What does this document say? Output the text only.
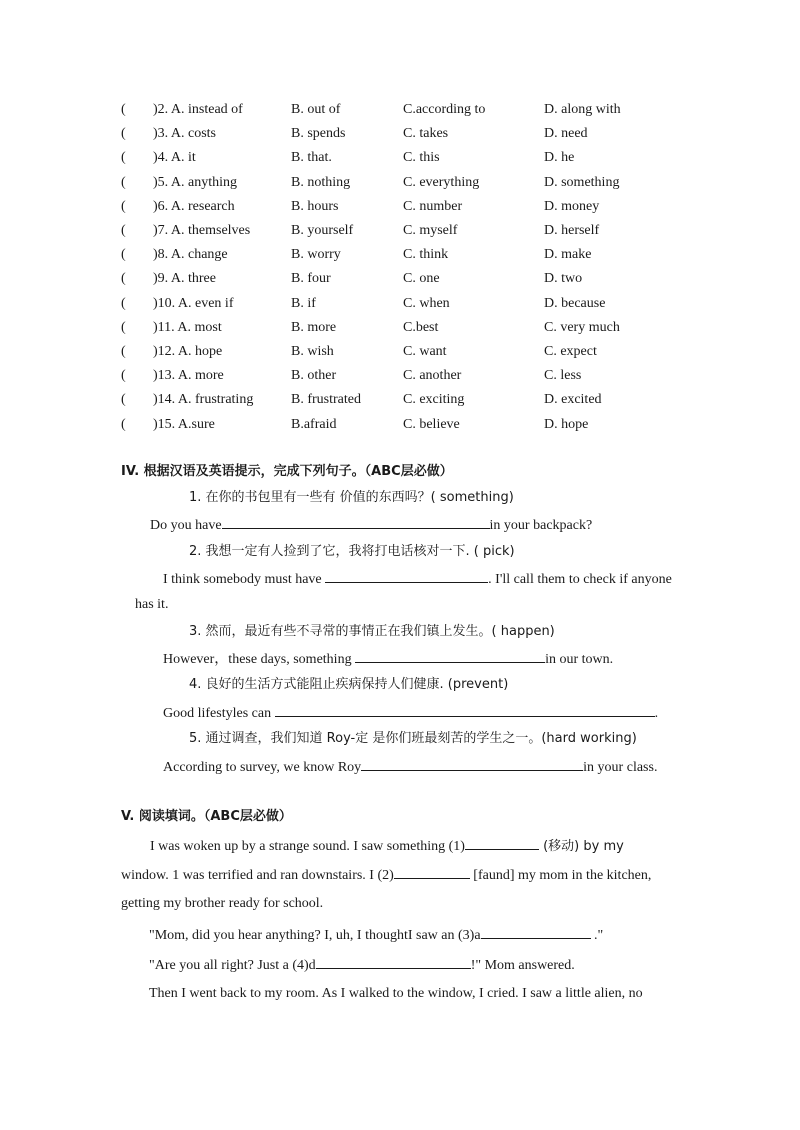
( )2. A. instead of	B. out of	C.according to	D. along with
( )3. A. costs	B. spends	C. takes	D. need
( )4. A. it	B. that.	C. this	D. he
( )5. A. anything	B. nothing	C. everything	D. something
( )6. A. research	B. hours	C. number	D. money
( )7. A. themselves	B. yourself	C. myself	D. herself
( )8. A. change	B. worry	C. think	D. make
( )9. A. three	B. four	C. one	D. two
( )10. A. even if	B. if	C. when	D. because
( )11. A. most	B. more	C.best	C. very much
( )12. A. hope	B. wish	C. want	C. expect
( )13. A. more	B. other	C. another	C. less
( )14. A. frustrating	B. frustrated	C. exciting	D. excited
( )15. A.sure	B.afraid	C. believe	D. hope
IV. 根据汉语及英语提示，完成下列句子。（ABC层必做）
1. 在你的书包里有一些有 价值的东西吗？( something)
Do you have	in your backpack?
2. 我想一定有人捡到了它，我将打电话核对一下. ( pick)
I think somebody must have	. I'll call them to check if anyone
has it.
3. 然而，最近有些不寻常的事情正在我们镇上发生。( happen)
However，these days, something	in our town.
4. 良好的生活方式能阻止疾病保持人们健康. (prevent)
Good lifestyles can	.
5. 通过调查，我们知道 Roy-定 是你们班最刻苦的学生之一。(hard working)
According to survey, we know Roy	in your class.
V. 阅读填词。（ABC层必做）
I was woken up by a strange sound. I saw something (1)	(移动) by my
window. 1 was terrified and ran downstairs. I (2)	[faund] my mom in the kitchen,
getting my brother ready for school.
"Mom, did you hear anything? I, uh, I thoughtI saw an (3)a	."
"Are you all right? Just a (4)d	!" Mom answered.
Then I went back to my room. As I walked to the window, I cried. I saw a little alien, no
